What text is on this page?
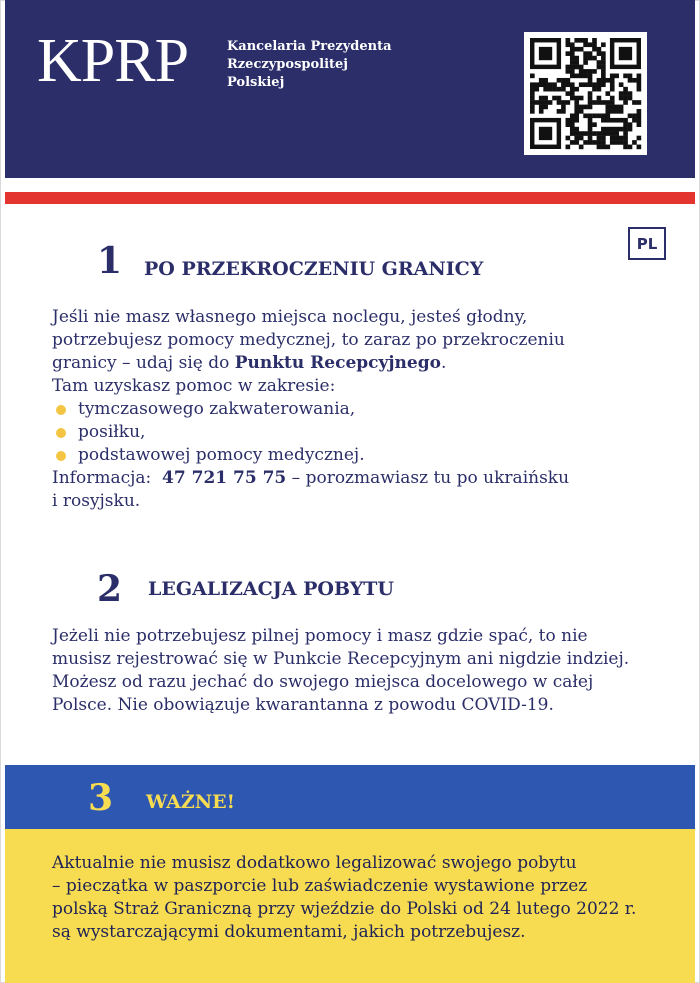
KPRP	Kancelaria Prezydenta
Rzeczypospolitej
Polskiej
PL
1 PO PRZEKROCZENIU GRANICY
Jeśli nie masz własnego miejsca noclegu, jesteś głodny,
potrzebujesz pomocy medycznej, to zaraz po przekroczeniu
granicy – udaj się do Punktu Recepcyjnego.
Tam uzyskasz pomoc w zakresie:
tymczasowego zakwaterowania,
posiłku,
podstawowej pomocy medycznej.
Informacja:  47 721 75 75 – porozmawiasz tu po ukraińsku
i rosyjsku.
2 LEGALIZACJA POBYTU
Jeżeli nie potrzebujesz pilnej pomocy i masz gdzie spać, to nie
musisz rejestrować się w Punkcie Recepcyjnym ani nigdzie indziej.
Możesz od razu jechać do swojego miejsca docelowego w całej
Polsce. Nie obowiązuje kwarantanna z powodu COVID-19.
3 WAŻNE!
Aktualnie nie musisz dodatkowo legalizować swojego pobytu
– pieczątka w paszporcie lub zaświadczenie wystawione przez
polską Straż Graniczną przy wjeździe do Polski od 24 lutego 2022 r.
są wystarczającymi dokumentami, jakich potrzebujesz.
